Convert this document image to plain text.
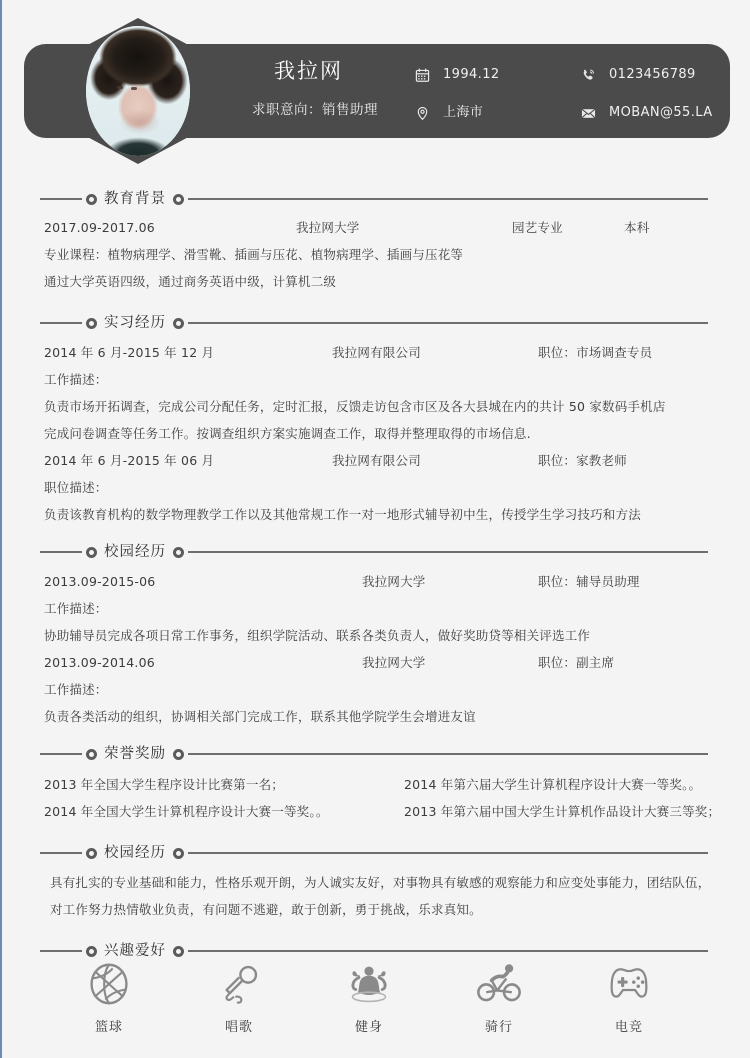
我拉网
求职意向：销售助理
1994.12
上海市
0123456789
MOBAN@55.LA
教育背景
2017.09-2017.06	我拉网大学	园艺专业	本科
专业课程：植物病理学、滑雪靴、插画与压花、植物病理学、插画与压花等
通过大学英语四级，通过商务英语中级，计算机二级
实习经历
2014 年 6 月-2015 年 12 月	我拉网有限公司	职位：市场调查专员
工作描述：
负责市场开拓调查，完成公司分配任务，定时汇报，反馈走访包含市区及各大县城在内的共计 50 家数码手机店
完成问卷调查等任务工作。按调查组织方案实施调查工作，取得并整理取得的市场信息.
2014 年 6 月-2015 年 06 月	我拉网有限公司	职位：家教老师
职位描述：
负责该教育机构的数学物理教学工作以及其他常规工作一对一地形式辅导初中生，传授学生学习技巧和方法
校园经历
2013.09-2015-06	我拉网大学	职位：辅导员助理
工作描述：
协助辅导员完成各项日常工作事务，组织学院活动、联系各类负责人，做好奖助贷等相关评选工作
2013.09-2014.06	我拉网大学	职位：副主席
工作描述：
负责各类活动的组织，协调相关部门完成工作，联系其他学院学生会增进友谊
荣誉奖励
2013 年全国大学生程序设计比赛第一名；	2014 年第六届大学生计算机程序设计大赛一等奖。。
2014 年全国大学生计算机程序设计大赛一等奖。。	2013 年第六届中国大学生计算机作品设计大赛三等奖；
校园经历
具有扎实的专业基础和能力，性格乐观开朗，为人诚实友好，对事物具有敏感的观察能力和应变处事能力，团结队伍，
对工作努力热情敬业负责，有问题不逃避，敢于创新，勇于挑战，乐求真知。
兴趣爱好
篮球	唱歌	健身	骑行	电竞
